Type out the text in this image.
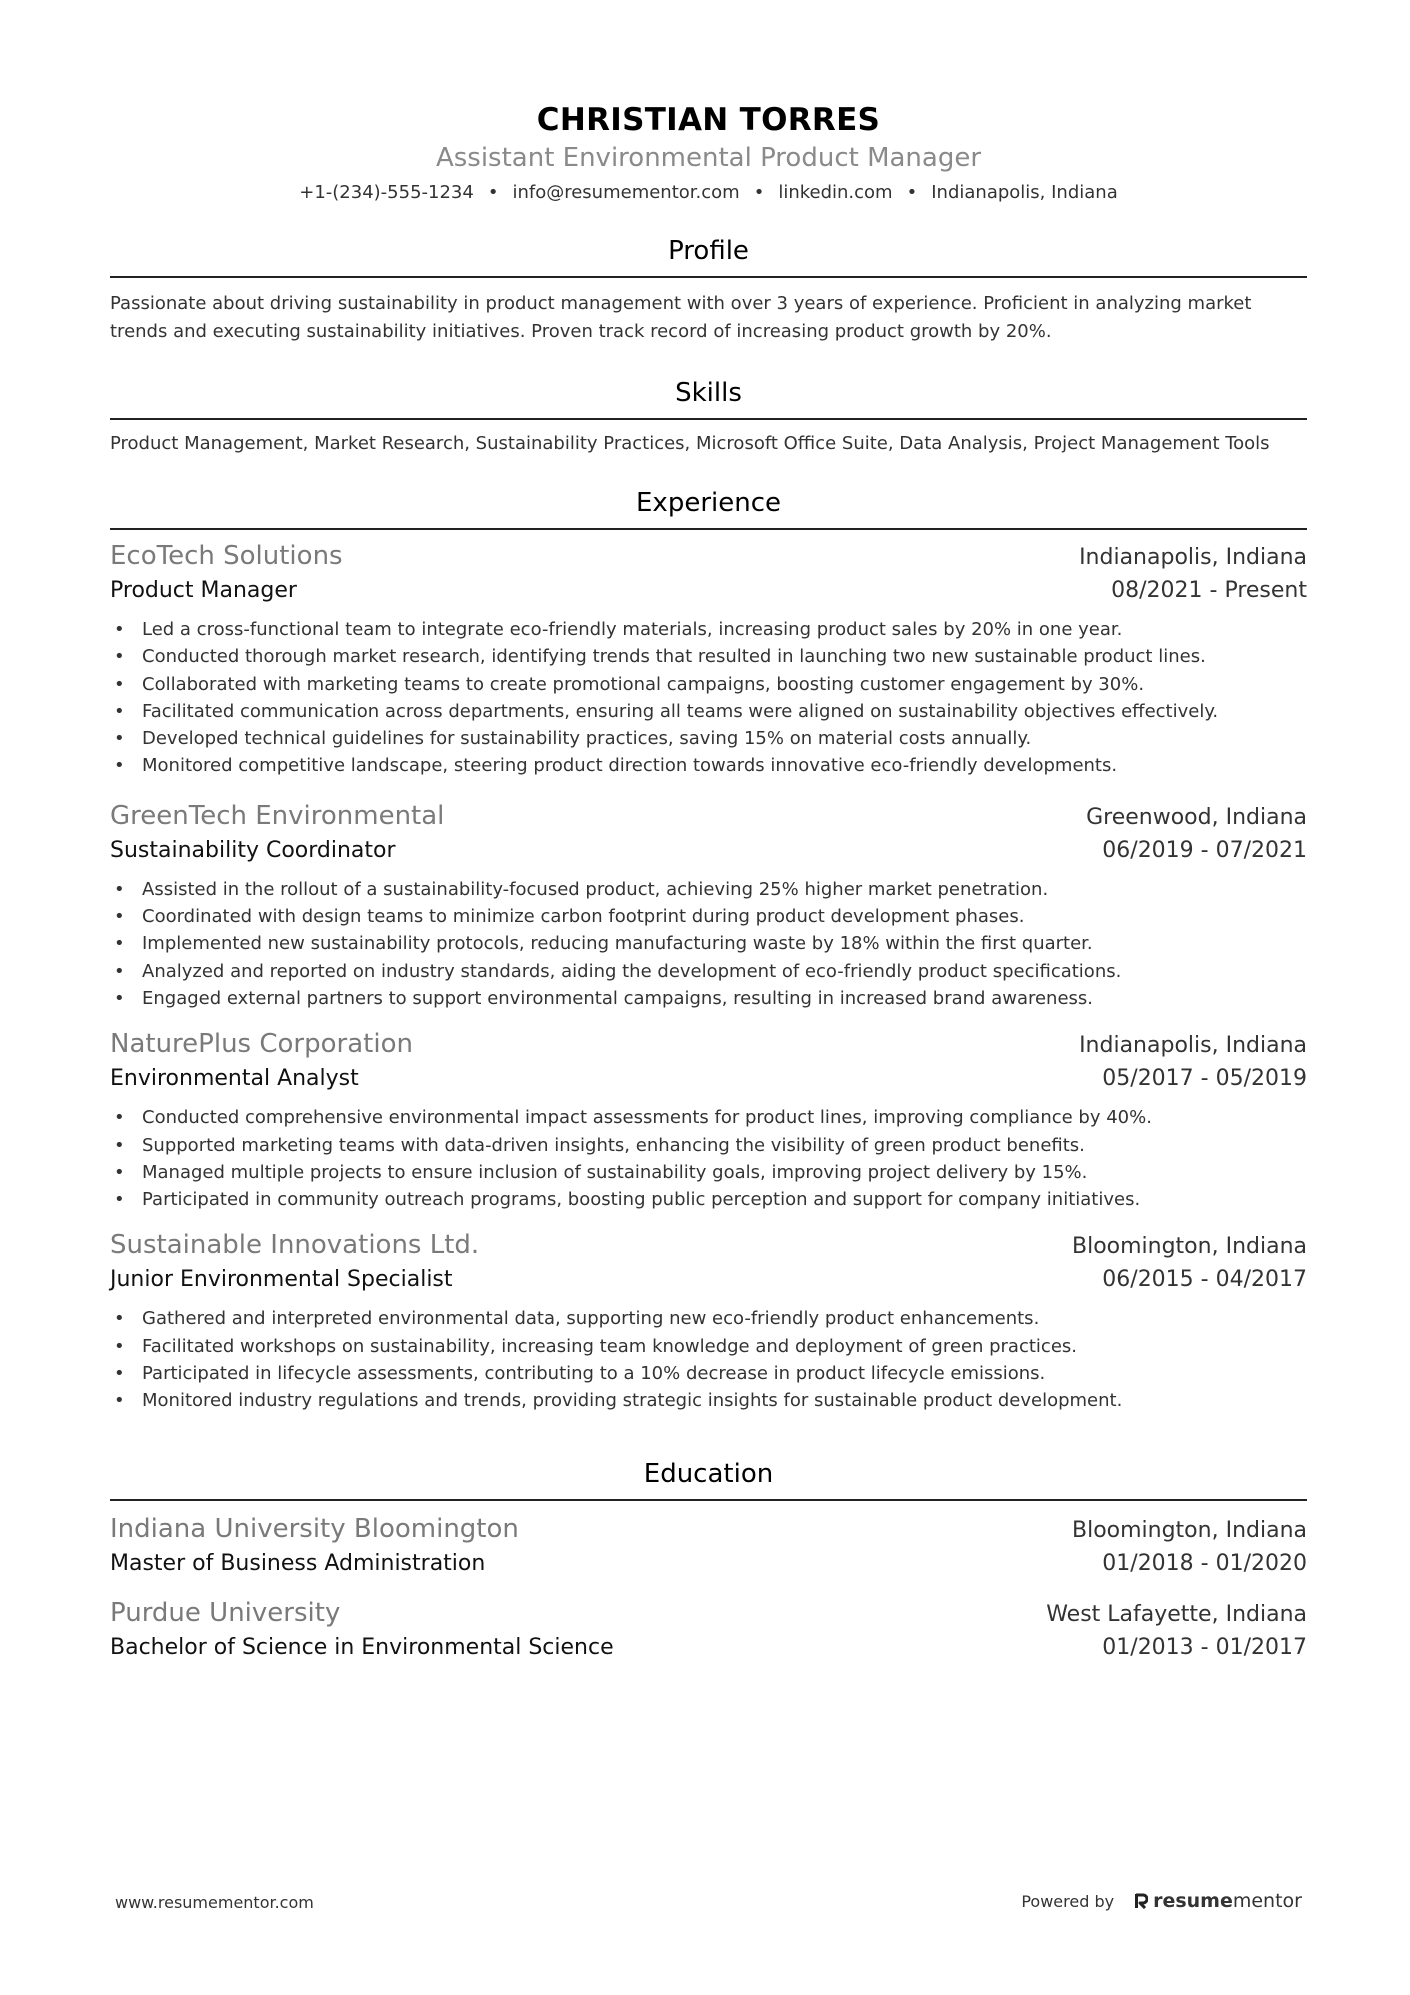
CHRISTIAN TORRES
Assistant Environmental Product Manager
+1-(234)-555-1234 • info@resumementor.com • linkedin.com • Indianapolis, Indiana
Profile
Passionate about driving sustainability in product management with over 3 years of experience. Proficient in analyzing market trends and executing sustainability initiatives. Proven track record of increasing product growth by 20%.
Skills
Product Management, Market Research, Sustainability Practices, Microsoft Office Suite, Data Analysis, Project Management Tools
Experience
EcoTech Solutions	Indianapolis, Indiana
Product Manager	08/2021 - Present
• Led a cross-functional team to integrate eco-friendly materials, increasing product sales by 20% in one year.
• Conducted thorough market research, identifying trends that resulted in launching two new sustainable product lines.
• Collaborated with marketing teams to create promotional campaigns, boosting customer engagement by 30%.
• Facilitated communication across departments, ensuring all teams were aligned on sustainability objectives effectively.
• Developed technical guidelines for sustainability practices, saving 15% on material costs annually.
• Monitored competitive landscape, steering product direction towards innovative eco-friendly developments.
GreenTech Environmental	Greenwood, Indiana
Sustainability Coordinator	06/2019 - 07/2021
• Assisted in the rollout of a sustainability-focused product, achieving 25% higher market penetration.
• Coordinated with design teams to minimize carbon footprint during product development phases.
• Implemented new sustainability protocols, reducing manufacturing waste by 18% within the first quarter.
• Analyzed and reported on industry standards, aiding the development of eco-friendly product specifications.
• Engaged external partners to support environmental campaigns, resulting in increased brand awareness.
NaturePlus Corporation	Indianapolis, Indiana
Environmental Analyst	05/2017 - 05/2019
• Conducted comprehensive environmental impact assessments for product lines, improving compliance by 40%.
• Supported marketing teams with data-driven insights, enhancing the visibility of green product benefits.
• Managed multiple projects to ensure inclusion of sustainability goals, improving project delivery by 15%.
• Participated in community outreach programs, boosting public perception and support for company initiatives.
Sustainable Innovations Ltd.	Bloomington, Indiana
Junior Environmental Specialist	06/2015 - 04/2017
• Gathered and interpreted environmental data, supporting new eco-friendly product enhancements.
• Facilitated workshops on sustainability, increasing team knowledge and deployment of green practices.
• Participated in lifecycle assessments, contributing to a 10% decrease in product lifecycle emissions.
• Monitored industry regulations and trends, providing strategic insights for sustainable product development.
Education
Indiana University Bloomington	Bloomington, Indiana
Master of Business Administration	01/2018 - 01/2020
Purdue University	West Lafayette, Indiana
Bachelor of Science in Environmental Science	01/2013 - 01/2017
www.resumementor.com	Powered by resumementor
